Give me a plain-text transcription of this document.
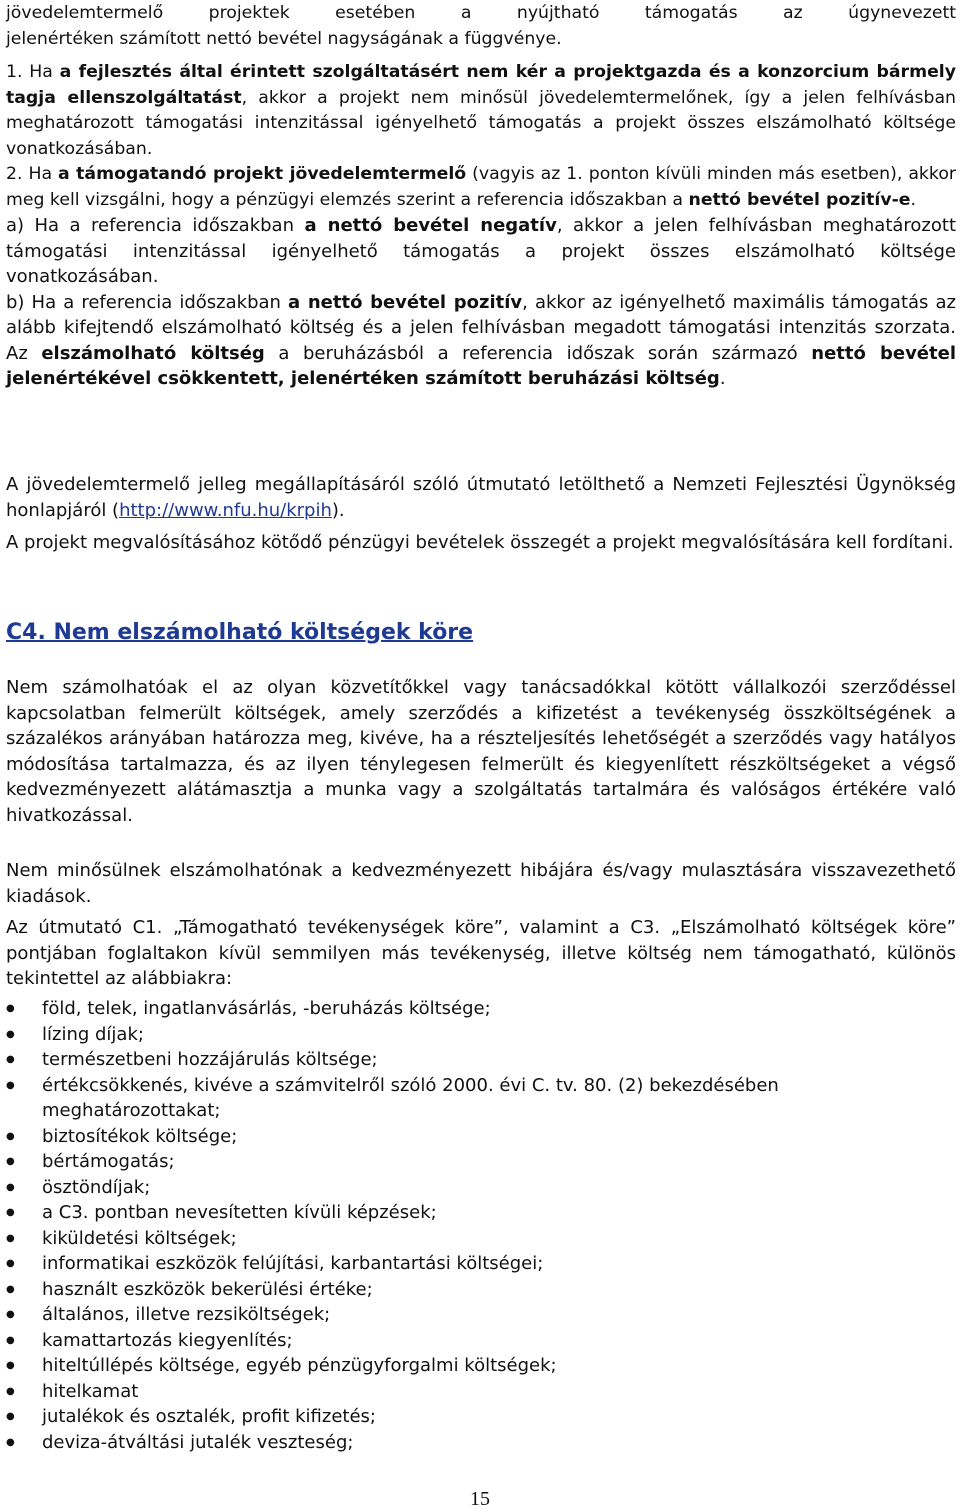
jövedelemtermelő projektek esetében a nyújtható támogatás az úgynevezett

jelenértéken számított nettó bevétel nagyságának a függvénye.

1. Ha a fejlesztés által érintett szolgáltatásért nem kér a projektgazda és a konzorcium bármely tagja ellenszolgáltatást, akkor a projekt nem minősül jövedelemtermelőnek, így a jelen felhívásban meghatározott támogatási intenzitással igényelhető támogatás a projekt összes elszámolható költsége vonatkozásában.

2. Ha a támogatandó projekt jövedelemtermelő (vagyis az 1. ponton kívüli minden más esetben), akkor meg kell vizsgálni, hogy a pénzügyi elemzés szerint a referencia időszakban a nettó bevétel pozitív-e.

a) Ha a referencia időszakban a nettó bevétel negatív, akkor a jelen felhívásban meghatározott támogatási intenzitással igényelhető támogatás a projekt összes elszámolható költsége vonatkozásában.

b) Ha a referencia időszakban a nettó bevétel pozitív, akkor az igényelhető maximális támogatás az alább kifejtendő elszámolható költség és a jelen felhívásban megadott támogatási intenzitás szorzata. Az elszámolható költség a beruházásból a referencia időszak során származó nettó bevétel jelenértékével csökkentett, jelenértéken számított beruházási költség.

A jövedelemtermelő jelleg megállapításáról szóló útmutató letölthető a Nemzeti Fejlesztési Ügynökség honlapjáról (http://www.nfu.hu/krpih).

A projekt megvalósításához kötődő pénzügyi bevételek összegét a projekt megvalósítására kell fordítani.

C4. Nem elszámolható költségek köre

Nem számolhatóak el az olyan közvetítőkkel vagy tanácsadókkal kötött vállalkozói szerződéssel kapcsolatban felmerült költségek, amely szerződés a kifizetést a tevékenység összköltségének a százalékos arányában határozza meg, kivéve, ha a részteljesítés lehetőségét a szerződés vagy hatályos módosítása tartalmazza, és az ilyen ténylegesen felmerült és kiegyenlített részköltségeket a végső kedvezményezett alátámasztja a munka vagy a szolgáltatás tartalmára és valóságos értékére való hivatkozással.

Nem minősülnek elszámolhatónak a kedvezményezett hibájára és/vagy mulasztására visszavezethető kiadások.

Az útmutató C1. „Támogatható tevékenységek köre”, valamint a C3. „Elszámolható költségek köre” pontjában foglaltakon kívül semmilyen más tevékenység, illetve költség nem támogatható, különös tekintettel az alábbiakra:

● föld, telek, ingatlanvásárlás, -beruházás költsége;
● lízing díjak;
● természetbeni hozzájárulás költsége;
● értékcsökkenés, kivéve a számvitelről szóló 2000. évi C. tv. 80. (2) bekezdésében meghatározottakat;
● biztosítékok költsége;
● bértámogatás;
● ösztöndíjak;
● a C3. pontban nevesítetten kívüli képzések;
● kiküldetési költségek;
● informatikai eszközök felújítási, karbantartási költségei;
● használt eszközök bekerülési értéke;
● általános, illetve rezsiköltségek;
● kamattartozás kiegyenlítés;
● hiteltúllépés költsége, egyéb pénzügyforgalmi költségek;
● hitelkamat
● jutalékok és osztalék, profit kifizetés;
● deviza-átváltási jutalék veszteség;
15
